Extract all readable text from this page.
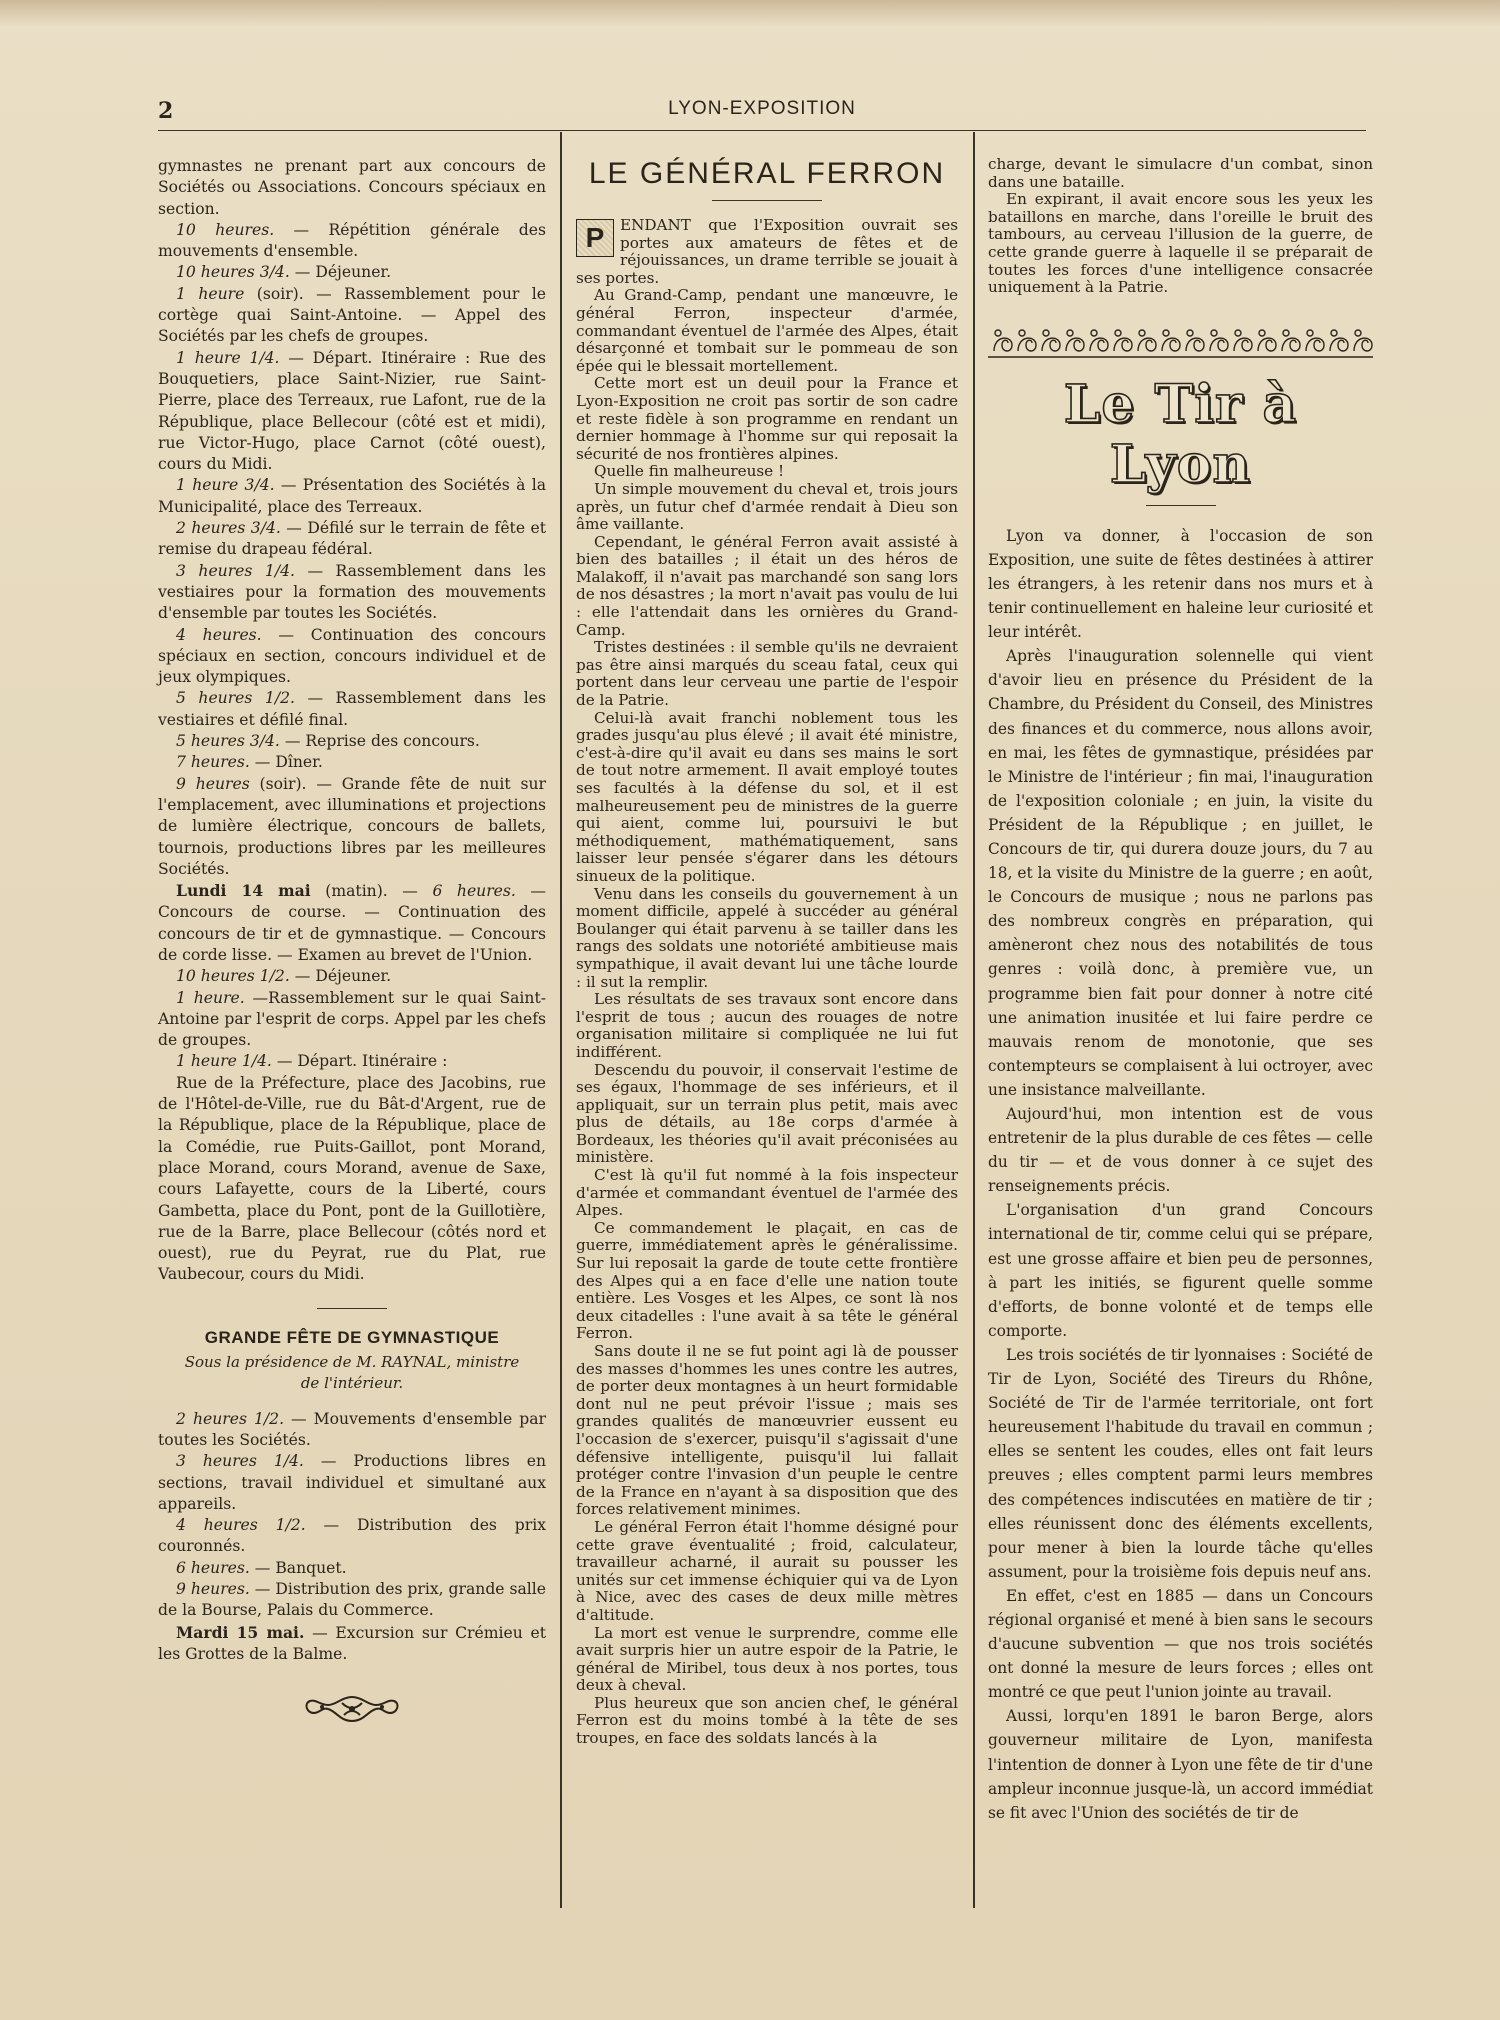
2	LYON-EXPOSITION

gymnastes ne prenant part aux concours de Sociétés ou Associations. Concours spéciaux en section.

10 heures. — Répétition générale des mouvements d'ensemble.

10 heures 3/4. — Déjeuner.

1 heure (soir). — Rassemblement pour le cortège quai Saint-Antoine. — Appel des Sociétés par les chefs de groupes.

1 heure 1/4. — Départ. Itinéraire : Rue des Bouquetiers, place Saint-Nizier, rue Saint-Pierre, place des Terreaux, rue Lafont, rue de la République, place Bellecour (côté est et midi), rue Victor-Hugo, place Carnot (côté ouest), cours du Midi.

1 heure 3/4. — Présentation des Sociétés à la Municipalité, place des Terreaux.

2 heures 3/4. — Défilé sur le terrain de fête et remise du drapeau fédéral.

3 heures 1/4. — Rassemblement dans les vestiaires pour la formation des mouvements d'ensemble par toutes les Sociétés.

4 heures. — Continuation des concours spéciaux en section, concours individuel et de jeux olympiques.

5 heures 1/2. — Rassemblement dans les vestiaires et défilé final.

5 heures 3/4. — Reprise des concours.

7 heures. — Dîner.

9 heures (soir). — Grande fête de nuit sur l'emplacement, avec illuminations et projections de lumière électrique, concours de ballets, tournois, productions libres par les meilleures Sociétés.

Lundi 14 mai (matin). — 6 heures. — Concours de course. — Continuation des concours de tir et de gymnastique. — Concours de corde lisse. — Examen au brevet de l'Union.

10 heures 1/2. — Déjeuner.

1 heure. —Rassemblement sur le quai Saint-Antoine par l'esprit de corps. Appel par les chefs de groupes.

1 heure 1/4. — Départ. Itinéraire :

Rue de la Préfecture, place des Jacobins, rue de l'Hôtel-de-Ville, rue du Bât-d'Argent, rue de la République, place de la République, place de la Comédie, rue Puits-Gaillot, pont Morand, place Morand, cours Morand, avenue de Saxe, cours Lafayette, cours de la Liberté, cours Gambetta, place du Pont, pont de la Guillotière, rue de la Barre, place Bellecour (côtés nord et ouest), rue du Peyrat, rue du Plat, rue Vaubecour, cours du Midi.

GRANDE FÊTE DE GYMNASTIQUE
Sous la présidence de M. RAYNAL, ministre de l'intérieur.

2 heures 1/2. — Mouvements d'ensemble par toutes les Sociétés.

3 heures 1/4. — Productions libres en sections, travail individuel et simultané aux appareils.

4 heures 1/2. — Distribution des prix couronnés.

6 heures. — Banquet.

9 heures. — Distribution des prix, grande salle de la Bourse, Palais du Commerce.

Mardi 15 mai. — Excursion sur Crémieu et les Grottes de la Balme.

LE GÉNÉRAL FERRON

P	ENDANT que l'Exposition ouvrait ses portes aux amateurs de fêtes et de réjouissances, un drame terrible se jouait à ses portes.

Au Grand-Camp, pendant une manœuvre, le général Ferron, inspecteur d'armée, commandant éventuel de l'armée des Alpes, était désarçonné et tombait sur le pommeau de son épée qui le blessait mortellement.

Cette mort est un deuil pour la France et Lyon-Exposition ne croit pas sortir de son cadre et reste fidèle à son programme en rendant un dernier hommage à l'homme sur qui reposait la sécurité de nos frontières alpines.

Quelle fin malheureuse !

Un simple mouvement du cheval et, trois jours après, un futur chef d'armée rendait à Dieu son âme vaillante.

Cependant, le général Ferron avait assisté à bien des batailles ; il était un des héros de Malakoff, il n'avait pas marchandé son sang lors de nos désastres ; la mort n'avait pas voulu de lui : elle l'attendait dans les ornières du Grand-Camp.

Tristes destinées : il semble qu'ils ne devraient pas être ainsi marqués du sceau fatal, ceux qui portent dans leur cerveau une partie de l'espoir de la Patrie.

Celui-là avait franchi noblement tous les grades jusqu'au plus élevé ; il avait été ministre, c'est-à-dire qu'il avait eu dans ses mains le sort de tout notre armement. Il avait employé toutes ses facultés à la défense du sol, et il est malheureusement peu de ministres de la guerre qui aient, comme lui, poursuivi le but méthodiquement, mathématiquement, sans laisser leur pensée s'égarer dans les détours sinueux de la politique.

Venu dans les conseils du gouvernement à un moment difficile, appelé à succéder au général Boulanger qui était parvenu à se tailler dans les rangs des soldats une notoriété ambitieuse mais sympathique, il avait devant lui une tâche lourde : il sut la remplir.

Les résultats de ses travaux sont encore dans l'esprit de tous ; aucun des rouages de notre organisation militaire si compliquée ne lui fut indifférent.

Descendu du pouvoir, il conservait l'estime de ses égaux, l'hommage de ses inférieurs, et il appliquait, sur un terrain plus petit, mais avec plus de détails, au 18e corps d'armée à Bordeaux, les théories qu'il avait préconisées au ministère.

C'est là qu'il fut nommé à la fois inspecteur d'armée et commandant éventuel de l'armée des Alpes.

Ce commandement le plaçait, en cas de guerre, immédiatement après le généralissime. Sur lui reposait la garde de toute cette frontière des Alpes qui a en face d'elle une nation toute entière. Les Vosges et les Alpes, ce sont là nos deux citadelles : l'une avait à sa tête le général Ferron.

Sans doute il ne se fut point agi là de pousser des masses d'hommes les unes contre les autres, de porter deux montagnes à un heurt formidable dont nul ne peut prévoir l'issue ; mais ses grandes qualités de manœuvrier eussent eu l'occasion de s'exercer, puisqu'il s'agissait d'une défensive intelligente, puisqu'il lui fallait protéger contre l'invasion d'un peuple le centre de la France en n'ayant à sa disposition que des forces relativement minimes.

Le général Ferron était l'homme désigné pour cette grave éventualité ; froid, calculateur, travailleur acharné, il aurait su pousser les unités sur cet immense échiquier qui va de Lyon à Nice, avec des cases de deux mille mètres d'altitude.

La mort est venue le surprendre, comme elle avait surpris hier un autre espoir de la Patrie, le général de Miribel, tous deux à nos portes, tous deux à cheval.

Plus heureux que son ancien chef, le général Ferron est du moins tombé à la tête de ses troupes, en face des soldats lancés à la

charge, devant le simulacre d'un combat, sinon dans une bataille.

En expirant, il avait encore sous les yeux les bataillons en marche, dans l'oreille le bruit des tambours, au cerveau l'illusion de la guerre, de cette grande guerre à laquelle il se préparait de toutes les forces d'une intelligence consacrée uniquement à la Patrie.

Le Tir à Lyon

Lyon va donner, à l'occasion de son Exposition, une suite de fêtes destinées à attirer les étrangers, à les retenir dans nos murs et à tenir continuellement en haleine leur curiosité et leur intérêt.

Après l'inauguration solennelle qui vient d'avoir lieu en présence du Président de la Chambre, du Président du Conseil, des Ministres des finances et du commerce, nous allons avoir, en mai, les fêtes de gymnastique, présidées par le Ministre de l'intérieur ; fin mai, l'inauguration de l'exposition coloniale ; en juin, la visite du Président de la République ; en juillet, le Concours de tir, qui durera douze jours, du 7 au 18, et la visite du Ministre de la guerre ; en août, le Concours de musique ; nous ne parlons pas des nombreux congrès en préparation, qui amèneront chez nous des notabilités de tous genres : voilà donc, à première vue, un programme bien fait pour donner à notre cité une animation inusitée et lui faire perdre ce mauvais renom de monotonie, que ses contempteurs se complaisent à lui octroyer, avec une insistance malveillante.

Aujourd'hui, mon intention est de vous entretenir de la plus durable de ces fêtes — celle du tir — et de vous donner à ce sujet des renseignements précis.

L'organisation d'un grand Concours international de tir, comme celui qui se prépare, est une grosse affaire et bien peu de personnes, à part les initiés, se figurent quelle somme d'efforts, de bonne volonté et de temps elle comporte.

Les trois sociétés de tir lyonnaises : Société de Tir de Lyon, Société des Tireurs du Rhône, Société de Tir de l'armée territoriale, ont fort heureusement l'habitude du travail en commun ; elles se sentent les coudes, elles ont fait leurs preuves ; elles comptent parmi leurs membres des compétences indiscutées en matière de tir ; elles réunissent donc des éléments excellents, pour mener à bien la lourde tâche qu'elles assument, pour la troisième fois depuis neuf ans.

En effet, c'est en 1885 — dans un Concours régional organisé et mené à bien sans le secours d'aucune subvention — que nos trois sociétés ont donné la mesure de leurs forces ; elles ont montré ce que peut l'union jointe au travail.

Aussi, lorqu'en 1891 le baron Berge, alors gouverneur militaire de Lyon, manifesta l'intention de donner à Lyon une fête de tir d'une ampleur inconnue jusque-là, un accord immédiat se fit avec l'Union des sociétés de tir de
